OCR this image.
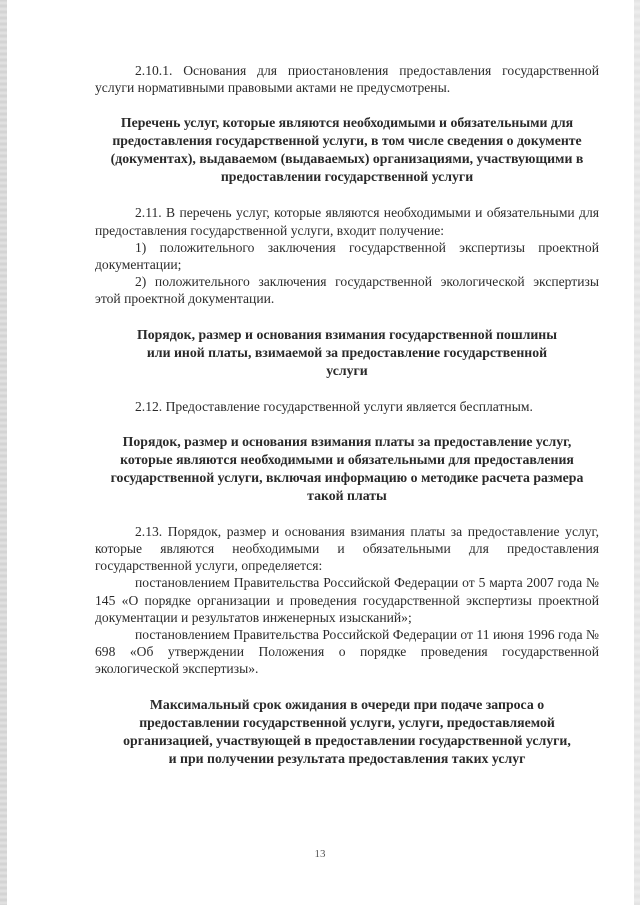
2.10.1. Основания для приостановления предоставления государственной услуги нормативными правовыми актами не предусмотрены.

Перечень услуг, которые являются необходимыми и обязательными для предоставления государственной услуги, в том числе сведения о документе (документах), выдаваемом (выдаваемых) организациями, участвующими в предоставлении государственной услуги

2.11. В перечень услуг, которые являются необходимыми и обязательными для предоставления государственной услуги, входит получение:

1) положительного заключения государственной экспертизы проектной документации;

2) положительного заключения государственной экологической экспертизы этой проектной документации.

Порядок, размер и основания взимания государственной пошлины или иной платы, взимаемой за предоставление государственной услуги

2.12. Предоставление государственной услуги является бесплатным.

Порядок, размер и основания взимания платы за предоставление услуг, которые являются необходимыми и обязательными для предоставления государственной услуги, включая информацию о методике расчета размера такой платы

2.13. Порядок, размер и основания взимания платы за предоставление услуг, которые являются необходимыми и обязательными для предоставления государственной услуги, определяется:

постановлением Правительства Российской Федерации от 5 марта 2007 года № 145 «О порядке организации и проведения государственной экспертизы проектной документации и результатов инженерных изысканий»;

постановлением Правительства Российской Федерации от 11 июня 1996 года № 698 «Об утверждении Положения о порядке проведения государственной экологической экспертизы».

Максимальный срок ожидания в очереди при подаче запроса о предоставлении государственной услуги, услуги, предоставляемой организацией, участвующей в предоставлении государственной услуги, и при получении результата предоставления таких услуг

13
